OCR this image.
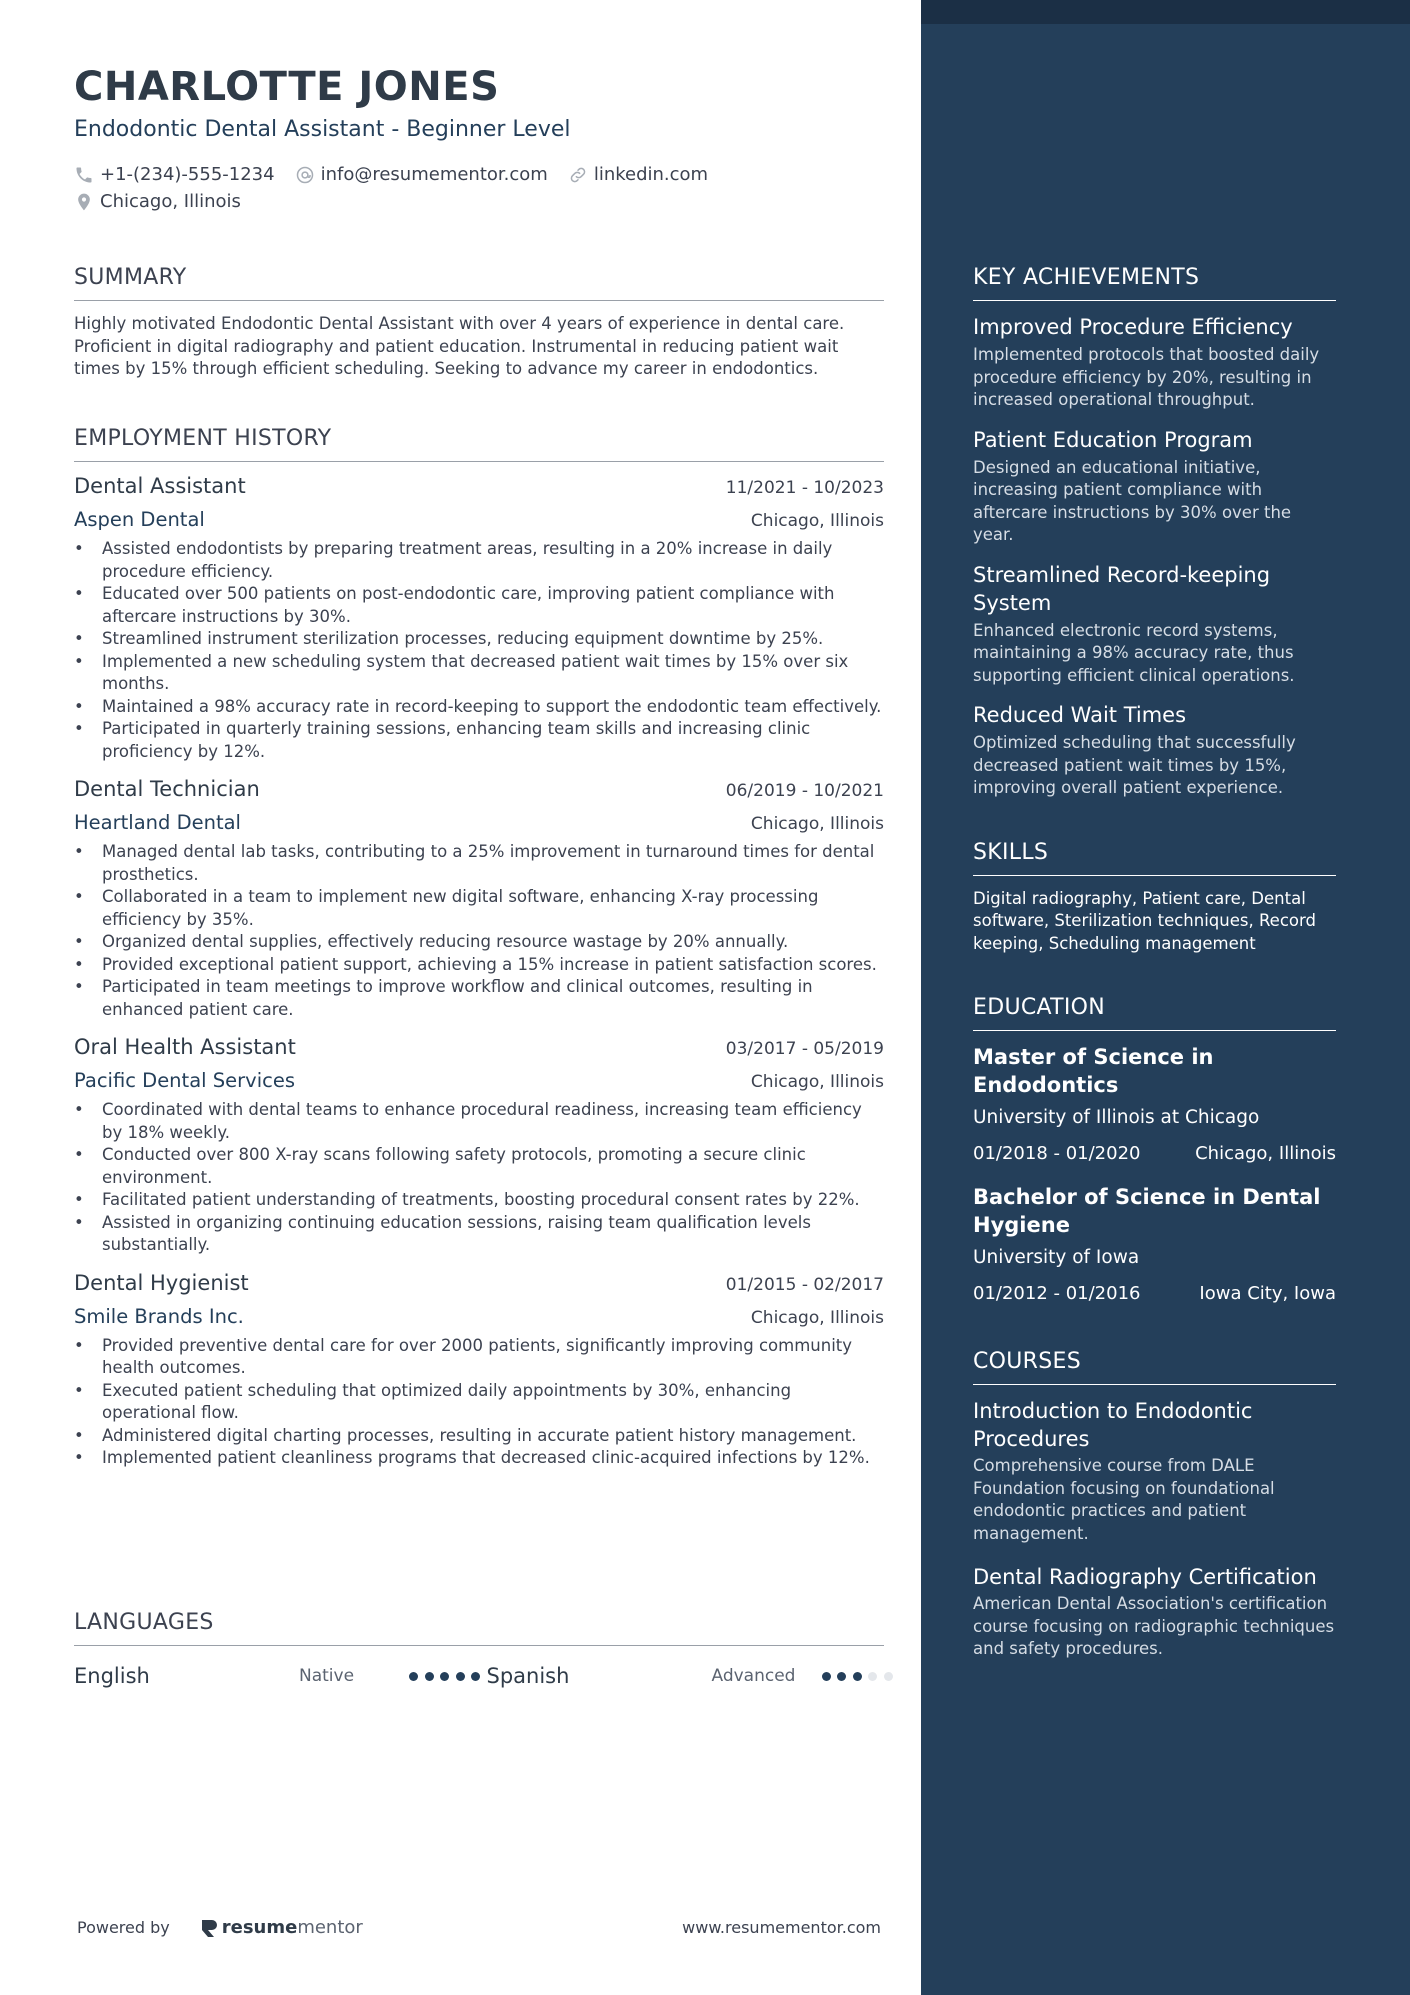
CHARLOTTE JONES
Endodontic Dental Assistant - Beginner Level
+1-(234)-555-1234	info@resumementor.com	linkedin.com
Chicago, Illinois
SUMMARY

Highly motivated Endodontic Dental Assistant with over 4 years of experience in dental care. Proficient in digital radiography and patient education. Instrumental in reducing patient wait times by 15% through efficient scheduling. Seeking to advance my career in endodontics.

EMPLOYMENT HISTORY
Dental Assistant	11/2021 - 10/2023
Aspen Dental	Chicago, Illinois
• Assisted endodontists by preparing treatment areas, resulting in a 20% increase in daily procedure efficiency.
• Educated over 500 patients on post-endodontic care, improving patient compliance with aftercare instructions by 30%.
• Streamlined instrument sterilization processes, reducing equipment downtime by 25%.
• Implemented a new scheduling system that decreased patient wait times by 15% over six months.
• Maintained a 98% accuracy rate in record-keeping to support the endodontic team effectively.
• Participated in quarterly training sessions, enhancing team skills and increasing clinic proficiency by 12%.
Dental Technician	06/2019 - 10/2021
Heartland Dental	Chicago, Illinois
• Managed dental lab tasks, contributing to a 25% improvement in turnaround times for dental prosthetics.
• Collaborated in a team to implement new digital software, enhancing X-ray processing efficiency by 35%.
• Organized dental supplies, effectively reducing resource wastage by 20% annually.
• Provided exceptional patient support, achieving a 15% increase in patient satisfaction scores.
• Participated in team meetings to improve workflow and clinical outcomes, resulting in enhanced patient care.
Oral Health Assistant	03/2017 - 05/2019
Pacific Dental Services	Chicago, Illinois
• Coordinated with dental teams to enhance procedural readiness, increasing team efficiency by 18% weekly.
• Conducted over 800 X-ray scans following safety protocols, promoting a secure clinic environment.
• Facilitated patient understanding of treatments, boosting procedural consent rates by 22%.
• Assisted in organizing continuing education sessions, raising team qualification levels substantially.
Dental Hygienist	01/2015 - 02/2017
Smile Brands Inc.	Chicago, Illinois
• Provided preventive dental care for over 2000 patients, significantly improving community health outcomes.
• Executed patient scheduling that optimized daily appointments by 30%, enhancing operational flow.
• Administered digital charting processes, resulting in accurate patient history management.
• Implemented patient cleanliness programs that decreased clinic-acquired infections by 12%.
LANGUAGES
English	Native	Spanish	Advanced
Powered by	resume mentor	www.resumementor.com
KEY ACHIEVEMENTS
Improved Procedure Efficiency
Implemented protocols that boosted daily procedure efficiency by 20%, resulting in increased operational throughput.
Patient Education Program
Designed an educational initiative, increasing patient compliance with aftercare instructions by 30% over the year.
Streamlined Record-keeping System
Enhanced electronic record systems, maintaining a 98% accuracy rate, thus supporting efficient clinical operations.
Reduced Wait Times
Optimized scheduling that successfully decreased patient wait times by 15%, improving overall patient experience.
SKILLS
Digital radiography, Patient care, Dental software, Sterilization techniques, Record keeping, Scheduling management
EDUCATION
Master of Science in Endodontics
University of Illinois at Chicago
01/2018 - 01/2020	Chicago, Illinois
Bachelor of Science in Dental Hygiene
University of Iowa
01/2012 - 01/2016	Iowa City, Iowa
COURSES
Introduction to Endodontic Procedures
Comprehensive course from DALE Foundation focusing on foundational endodontic practices and patient management.
Dental Radiography Certification
American Dental Association's certification course focusing on radiographic techniques and safety procedures.
